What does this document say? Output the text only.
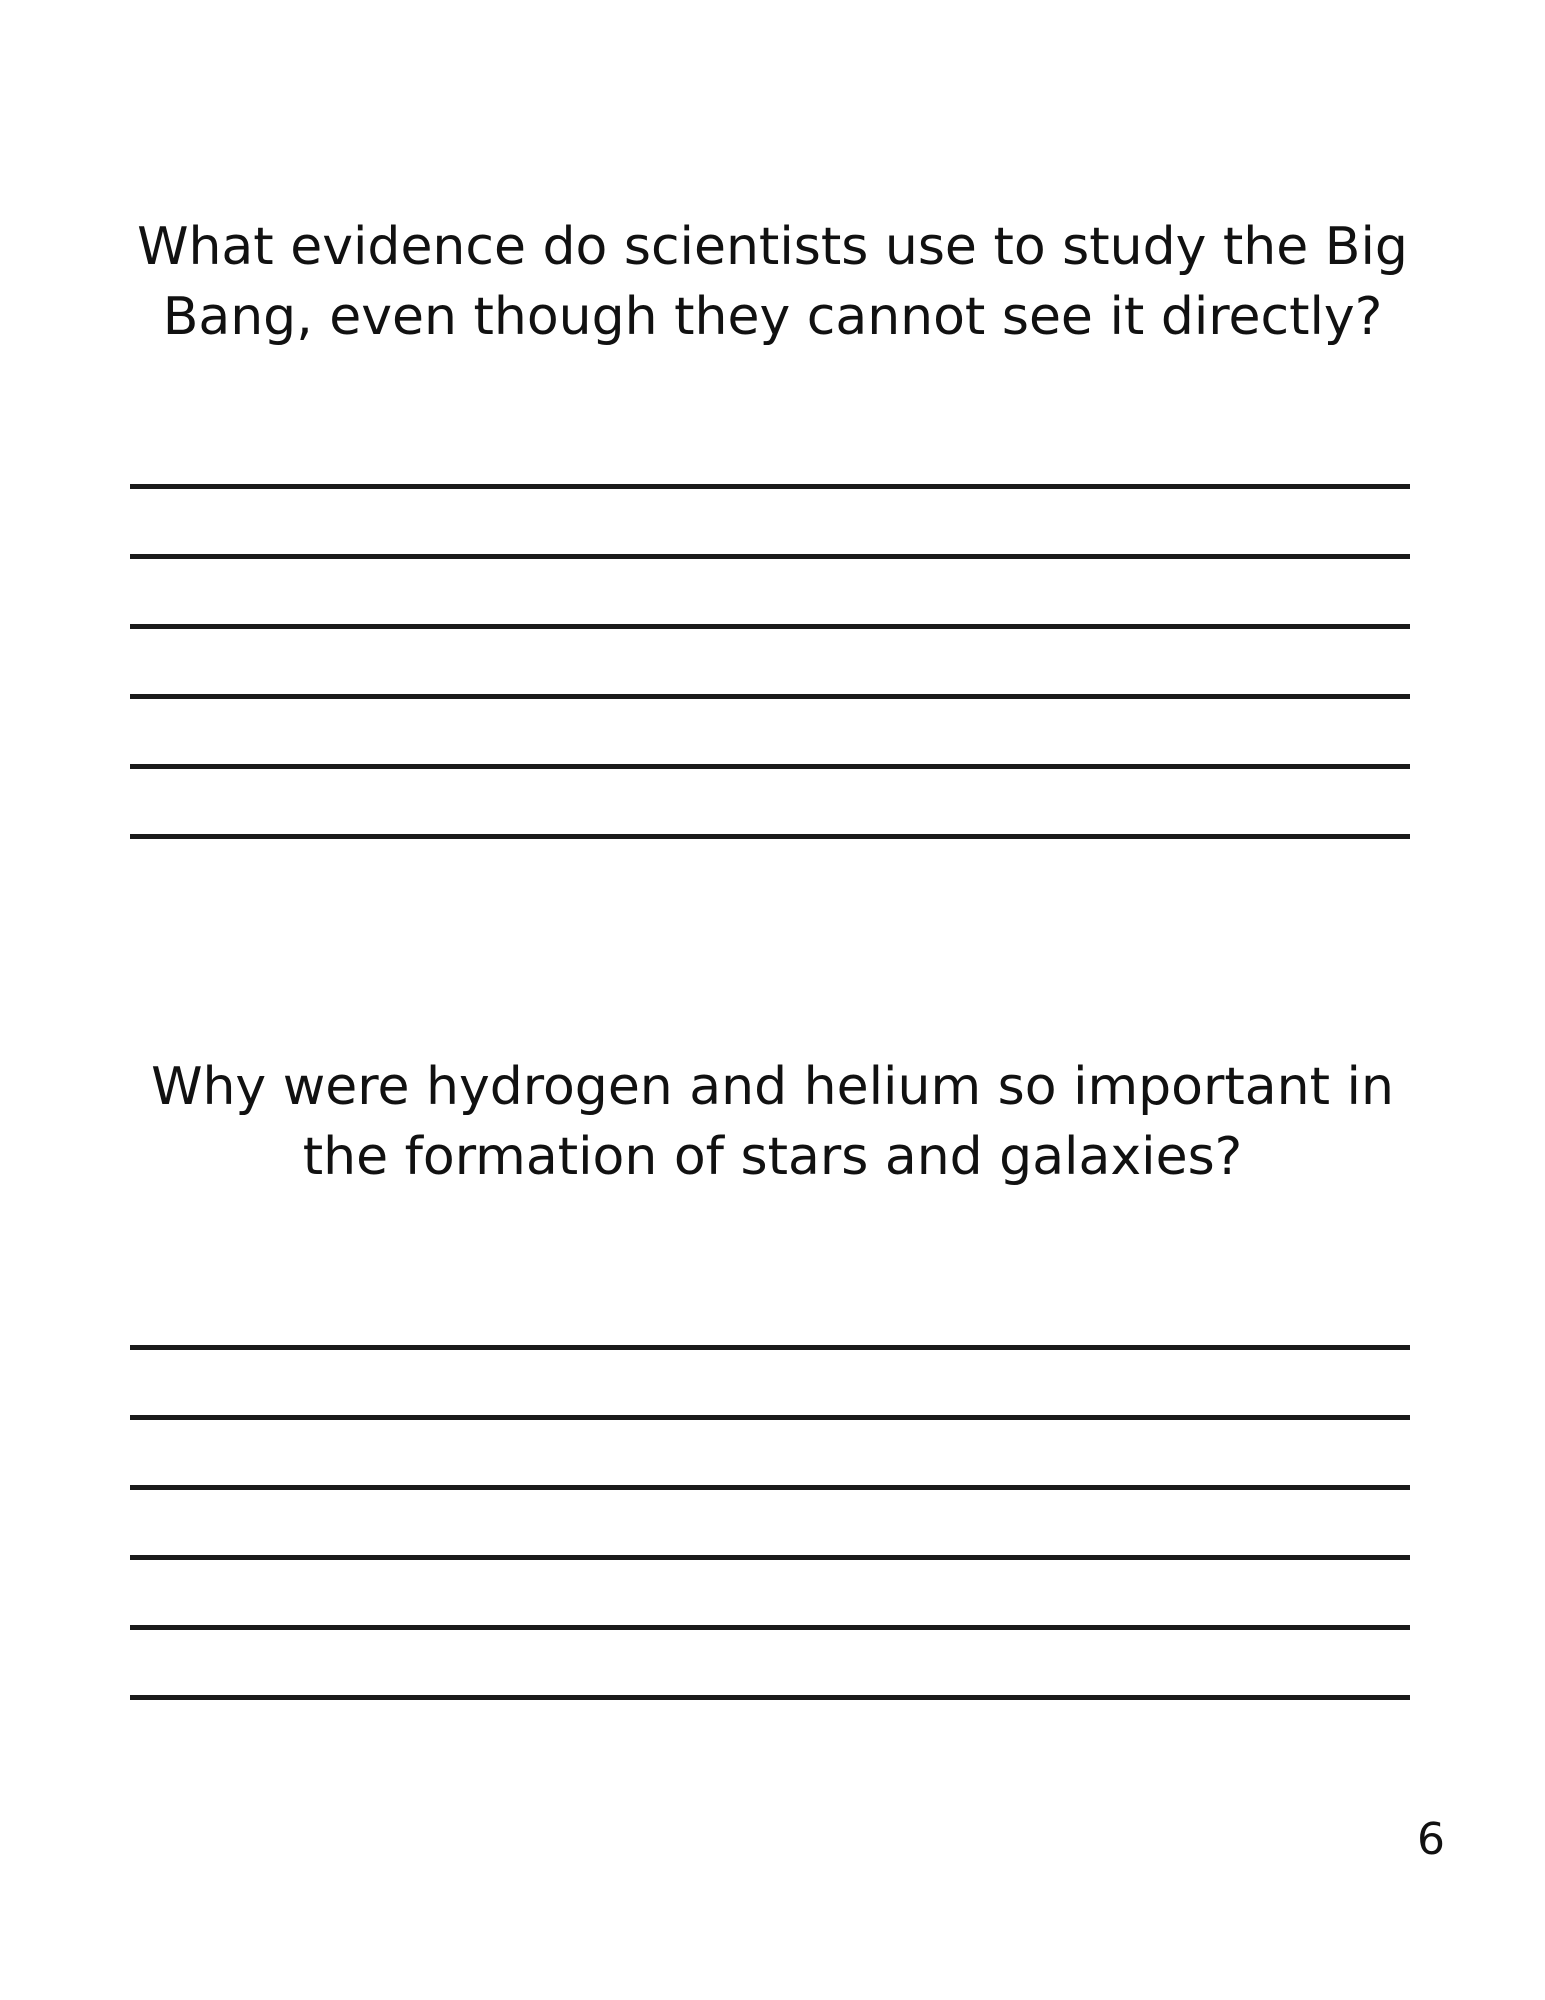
What evidence do scientists use to study the Big
Bang, even though they cannot see it directly?

Why were hydrogen and helium so important in
the formation of stars and galaxies?

6
